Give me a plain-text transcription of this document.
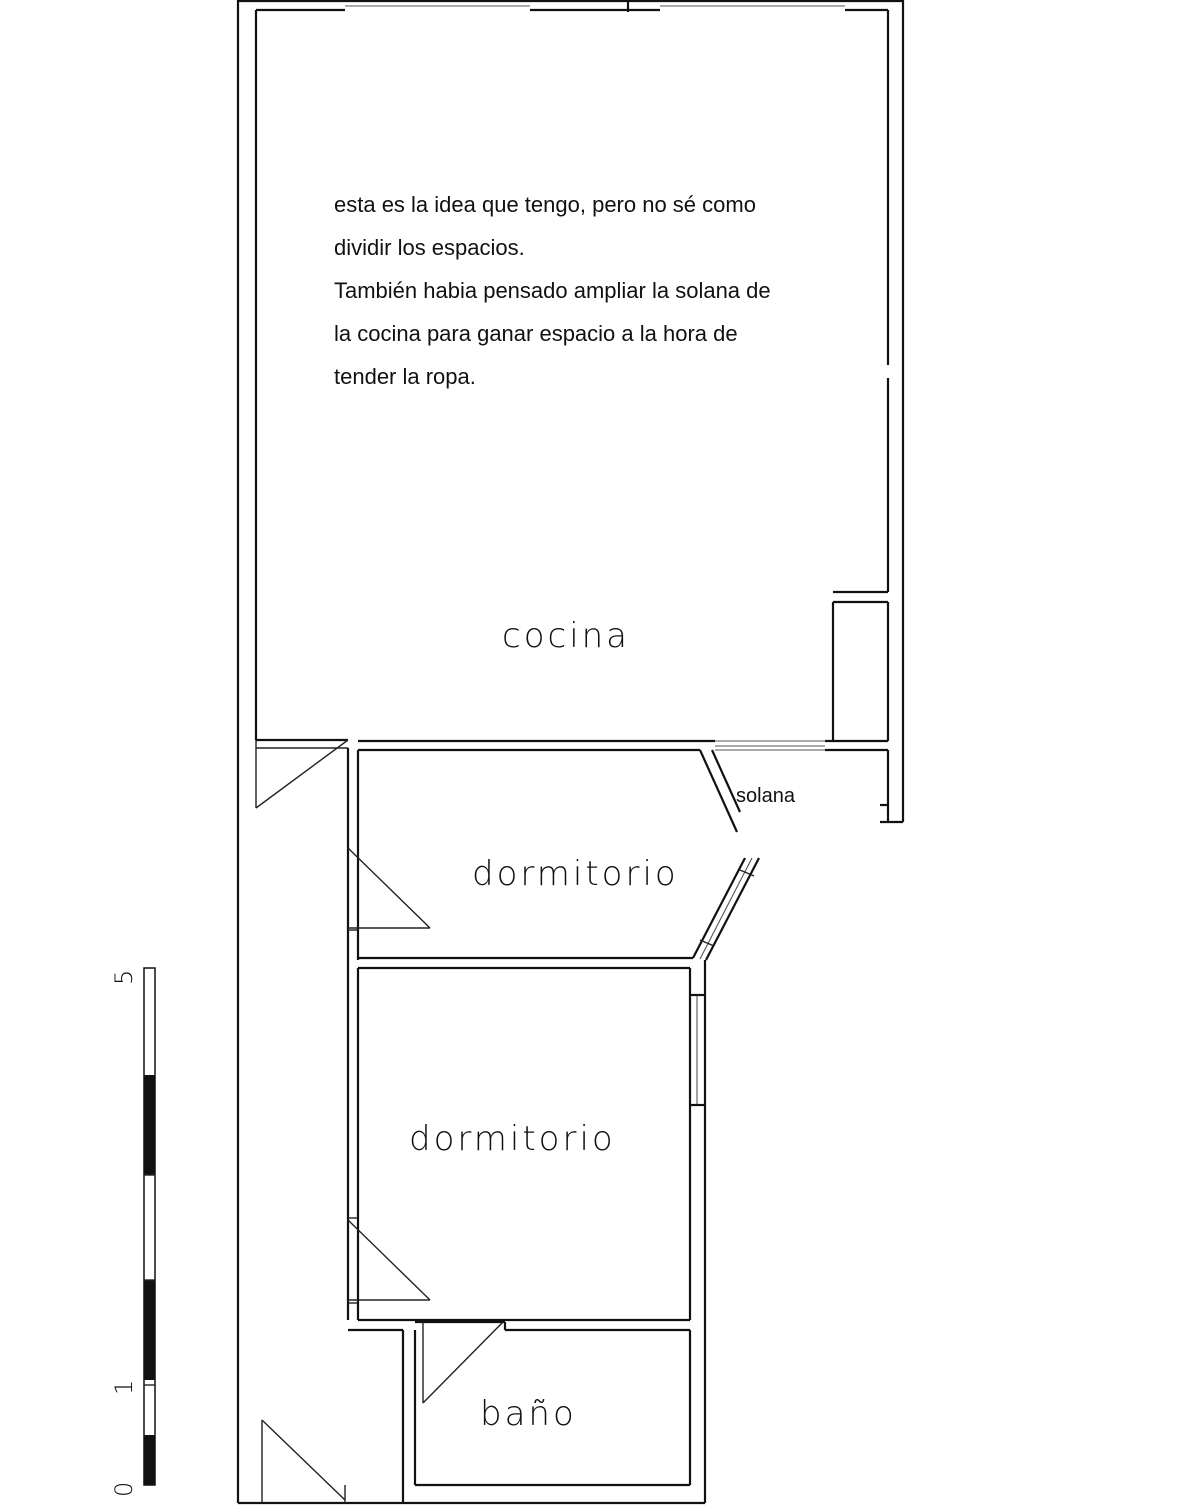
esta es la idea que tengo, pero no sé como
dividir los espacios.
También habia pensado ampliar la solana de
la cocina para ganar espacio a la hora de
tender la ropa.
cocina
solana
dormitorio
dormitorio
baño
5
1
0
